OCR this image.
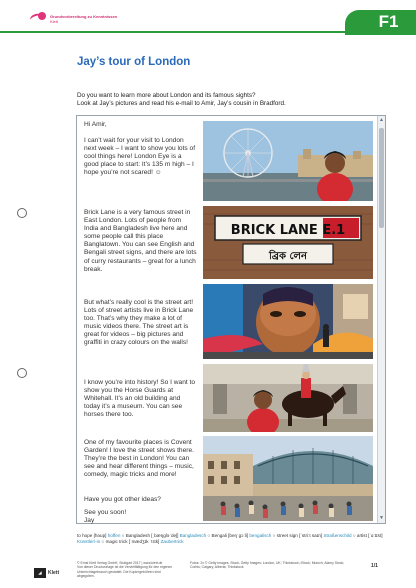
Grundvorbereitung zu Kenntnissen
Klett	F1
Jay’s tour of London
Do you want to learn more about London and its famous sights?
Look at Jay’s pictures and read his e-mail to Amir, Jay’s cousin in Bradford.

Hi Amir,

I can’t wait for your visit to London next week – I want to show you lots of cool things here! London Eye is a good place to start: It’s 135 m high – I hope you’re not scared! ☺

Brick Lane is a very famous street in East London. Lots of people from India and Bangladesh live here and some people call this place Banglatown. You can see English and Bengali street signs, and there are lots of curry restaurants – great for a lunch break.

But what’s really cool is the street art! Lots of street artists live in Brick Lane too. That’s why they make a lot of music videos there. The street art is great for videos – big pictures and graffiti in crazy colours on the walls!

I know you’re into history! So I want to show you the Horse Guards at Whitehall. It’s an old building and today it’s a museum. You can see horses there too.

One of my favourite places is Covent Garden! I love the street shows there. They’re the best in London! You can see and hear different things – music, comedy, magic tricks and more!

Have you got other ideas?

See you soon!
Jay

BRICK LANE E.1
ব্রিক লেন
▲
▼
to hope [həʊp] hoffen ○ Bangladesh [ˌbæŋɡləˈdeʃ] Bangladesch ○ Bengali [beŋˈɡɔːli] bengalisch ○ street sign [ˈstriːt saɪn] Straßenschild ○ artist [ˈɑːtɪst] Künstler/-in ○ magic trick [ˈmædʒɪk ˈtrɪk] Zaubertrick
◢	Klett
© Ernst Klett Verlag GmbH, Stuttgart 2017 | www.klett.de
Von dieser Druckvorlage ist die Vervielfältigung für den eigenen Unterrichtsgebrauch gestattet. Die Kopiergebühren sind abgegolten.
Fotos: 2x © Getty Images; Stock; Getty Images; London, UK; Thinkstock; iStock; Munich; Alamy Stock; Corbis; Calgary, Alberta; Thinkstock	1/1
